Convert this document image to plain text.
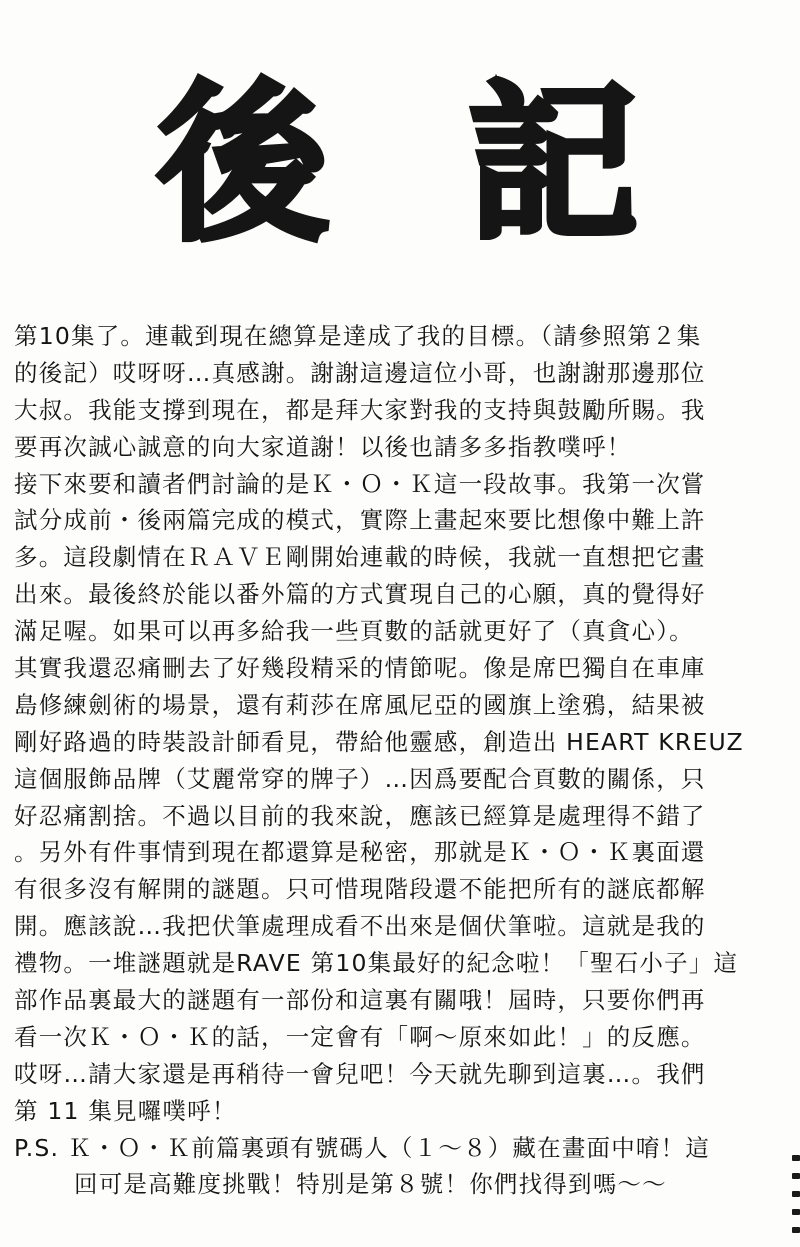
後 記
第10集了。連載到現在總算是達成了我的目標。（請參照第２集
的後記）哎呀呀…真感謝。謝謝這邊這位小哥，也謝謝那邊那位
大叔。我能支撐到現在，都是拜大家對我的支持與鼓勵所賜。我
要再次誠心誠意的向大家道謝！以後也請多多指教噗呼！
接下來要和讀者們討論的是Ｋ・Ｏ・Ｋ這一段故事。我第一次嘗
試分成前・後兩篇完成的模式，實際上畫起來要比想像中難上許
多。這段劇情在ＲＡＶＥ剛開始連載的時候，我就一直想把它畫
出來。最後終於能以番外篇的方式實現自己的心願，真的覺得好
滿足喔。如果可以再多給我一些頁數的話就更好了（真貪心）。
其實我還忍痛刪去了好幾段精采的情節呢。像是席巴獨自在車庫
島修練劍術的場景，還有莉莎在席風尼亞的國旗上塗鴉，結果被
剛好路過的時裝設計師看見，帶給他靈感，創造出 HEART KREUZ
這個服飾品牌（艾麗常穿的牌子）…因爲要配合頁數的關係，只
好忍痛割捨。不過以目前的我來說，應該已經算是處理得不錯了
。另外有件事情到現在都還算是秘密，那就是Ｋ・Ｏ・Ｋ裏面還
有很多沒有解開的謎題。只可惜現階段還不能把所有的謎底都解
開。應該說…我把伏筆處理成看不出來是個伏筆啦。這就是我的
禮物。一堆謎題就是RAVE 第10集最好的紀念啦！「聖石小子」這
部作品裏最大的謎題有一部份和這裏有關哦！屆時，只要你們再
看一次Ｋ・Ｏ・Ｋ的話，一定會有「啊～原來如此！」的反應。
哎呀…請大家還是再稍待一會兒吧！今天就先聊到這裏…。我們
第 11 集見囉噗呼！
P.S. Ｋ・Ｏ・Ｋ前篇裏頭有號碼人（１～８）藏在畫面中唷！這
回可是高難度挑戰！特別是第８號！你們找得到嗎～～
